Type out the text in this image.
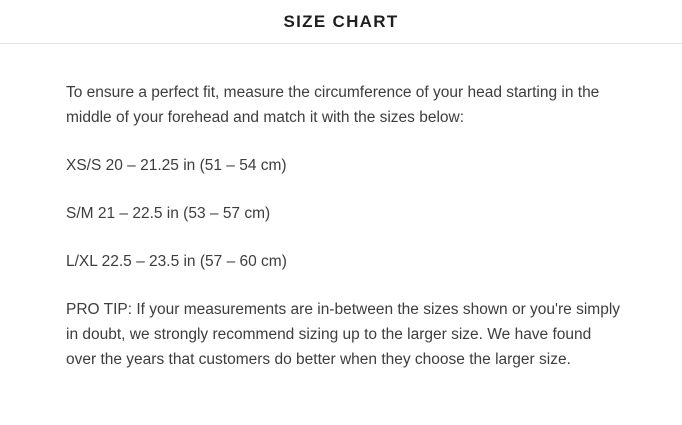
SIZE CHART

To ensure a perfect fit, measure the circumference of your head starting in the middle of your forehead and match it with the sizes below:

XS/S 20 – 21.25 in (51 – 54 cm)

S/M 21 – 22.5 in (53 – 57 cm)

L/XL 22.5 – 23.5 in (57 – 60 cm)

PRO TIP: If your measurements are in-between the sizes shown or you're simply in doubt, we strongly recommend sizing up to the larger size. We have found over the years that customers do better when they choose the larger size.
